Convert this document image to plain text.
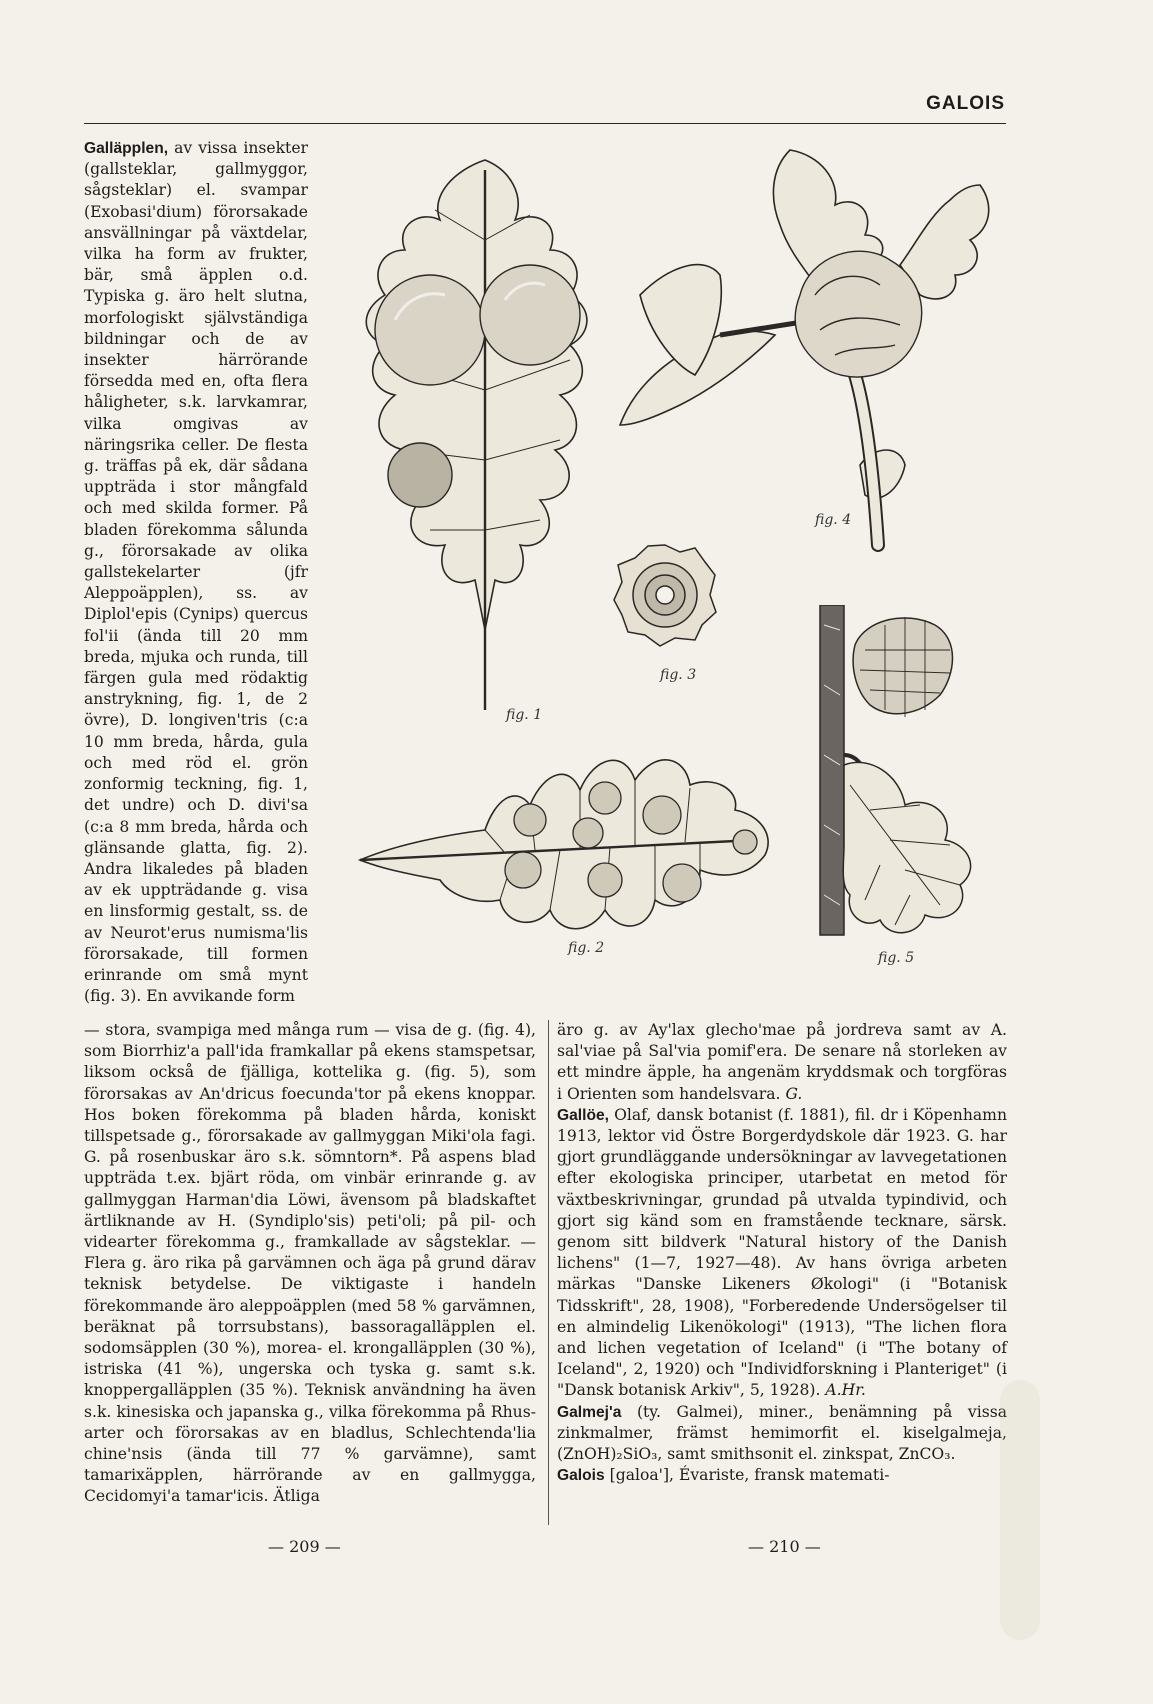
GALOIS

Galläpplen, av vissa insekter (gallsteklar, gallmyggor, sågsteklar) el. svampar (Exobasi'dium) förorsakade ansvällningar på växtdelar, vilka ha form av frukter, bär, små äpplen o.d. Typiska g. äro helt slutna, morfologiskt självständiga bildningar och de av insekter härrörande försedda med en, ofta flera håligheter, s.k. larvkamrar, vilka omgivas av näringsrika celler. De flesta g. träffas på ek, där sådana uppträda i stor mångfald och med skilda former. På bladen förekomma sålunda g., förorsakade av olika gallstekelarter (jfr Aleppoäpplen), ss. av Diplol'epis (Cynips) quercus fol'ii (ända till 20 mm breda, mjuka och runda, till färgen gula med rödaktig anstrykning, fig. 1, de 2 övre), D. longiven'tris (c:a 10 mm breda, hårda, gula och med röd el. grön zonformig teckning, fig. 1, det undre) och D. divi'sa (c:a 8 mm breda, hårda och glänsande glatta, fig. 2). Andra likaledes på bladen av ek uppträdande g. visa en linsformig gestalt, ss. de av Neurot'erus numisma'lis förorsakade, till formen erinrande om små mynt (fig. 3). En avvikande form

— stora, svampiga med många rum — visa de g. (fig. 4), som Biorrhiz'a pall'ida framkallar på ekens stamspetsar, liksom också de fjälliga, kottelika g. (fig. 5), som förorsakas av An'dricus foecunda'tor på ekens knoppar. Hos boken förekomma på bladen hårda, koniskt tillspetsade g., förorsakade av gallmyggan Miki'ola fagi. G. på rosenbuskar äro s.k. sömntorn*. På aspens blad uppträda t.ex. bjärt röda, om vinbär erinrande g. av gallmyggan Harman'dia Löwi, ävensom på bladskaftet ärtliknande av H. (Syndiplo'sis) peti'oli; på pil- och videarter förekomma g., framkallade av sågsteklar. — Flera g. äro rika på garvämnen och äga på grund därav teknisk betydelse. De viktigaste i handeln förekommande äro aleppoäpplen (med 58 % garvämnen, beräknat på torrsubstans), bassoragalläpplen el. sodomsäpplen (30 %), morea- el. krongalläpplen (30 %), istriska (41 %), ungerska och tyska g. samt s.k. knoppergalläpplen (35 %). Teknisk användning ha även s.k. kinesiska och japanska g., vilka förekomma på Rhus-arter och förorsakas av en bladlus, Schlechtenda'lia chine'nsis (ända till 77 % garvämne), samt tamarixäpplen, härrörande av en gallmygga, Cecidomyi'a tamar'icis. Ätliga

äro g. av Ay'lax glecho'mae på jordreva samt av A. sal'viae på Sal'via pomif'era. De senare nå storleken av ett mindre äpple, ha angenäm kryddsmak och torgföras i Orienten som handelsvara. G.

Gallöe, Olaf, dansk botanist (f. 1881), fil. dr i Köpenhamn 1913, lektor vid Östre Borgerdydskole där 1923. G. har gjort grundläggande undersökningar av lavvegetationen efter ekologiska principer, utarbetat en metod för växtbeskrivningar, grundad på utvalda typindivid, och gjort sig känd som en framstående tecknare, särsk. genom sitt bildverk "Natural history of the Danish lichens" (1—7, 1927—48). Av hans övriga arbeten märkas "Danske Likeners Økologi" (i "Botanisk Tidsskrift", 28, 1908), "Forberedende Undersögelser til en almindelig Likenökologi" (1913), "The lichen flora and lichen vegetation of Iceland" (i "The botany of Iceland", 2, 1920) och "Individforskning i Planteriget" (i "Dansk botanisk Arkiv", 5, 1928). A.Hr.

Galmej'a (ty. Galmei), miner., benämning på vissa zinkmalmer, främst hemimorfit el. kiselgalmeja, (ZnOH)₂SiO₃, samt smithsonit el. zinkspat, ZnCO₃.

Galois [galoa'], Évariste, fransk matemati-

— 209 —	— 210 —
fig. 1
fig. 4
fig. 3
fig. 2
fig. 5
